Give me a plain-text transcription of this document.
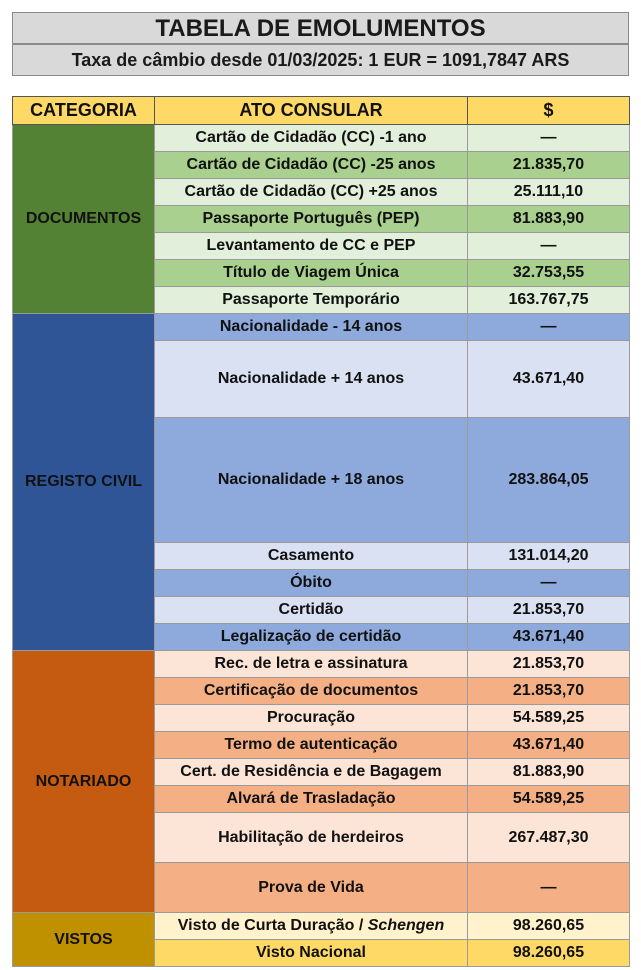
TABELA DE EMOLUMENTOS
Taxa de câmbio desde 01/03/2025: 1 EUR = 1091,7847 ARS
CATEGORIA	ATO CONSULAR	$
DOCUMENTOS	Cartão de Cidadão (CC) -1 ano	—
	Cartão de Cidadão (CC) -25 anos	21.835,70
	Cartão de Cidadão (CC) +25 anos	25.111,10
	Passaporte Português (PEP)	81.883,90
	Levantamento de CC e PEP	—
	Título de Viagem Única	32.753,55
	Passaporte Temporário	163.767,75
REGISTO CIVIL	Nacionalidade - 14 anos	—
	Nacionalidade + 14 anos	43.671,40
	Nacionalidade + 18 anos	283.864,05
	Casamento	131.014,20
	Óbito	—
	Certidão	21.853,70
	Legalização de certidão	43.671,40
NOTARIADO	Rec. de letra e assinatura	21.853,70
	Certificação de documentos	21.853,70
	Procuração	54.589,25
	Termo de autenticação	43.671,40
	Cert. de Residência e de Bagagem	81.883,90
	Alvará de Trasladação	54.589,25
	Habilitação de herdeiros	267.487,30
	Prova de Vida	—
VISTOS	Visto de Curta Duração / Schengen	98.260,65
	Visto Nacional	98.260,65
